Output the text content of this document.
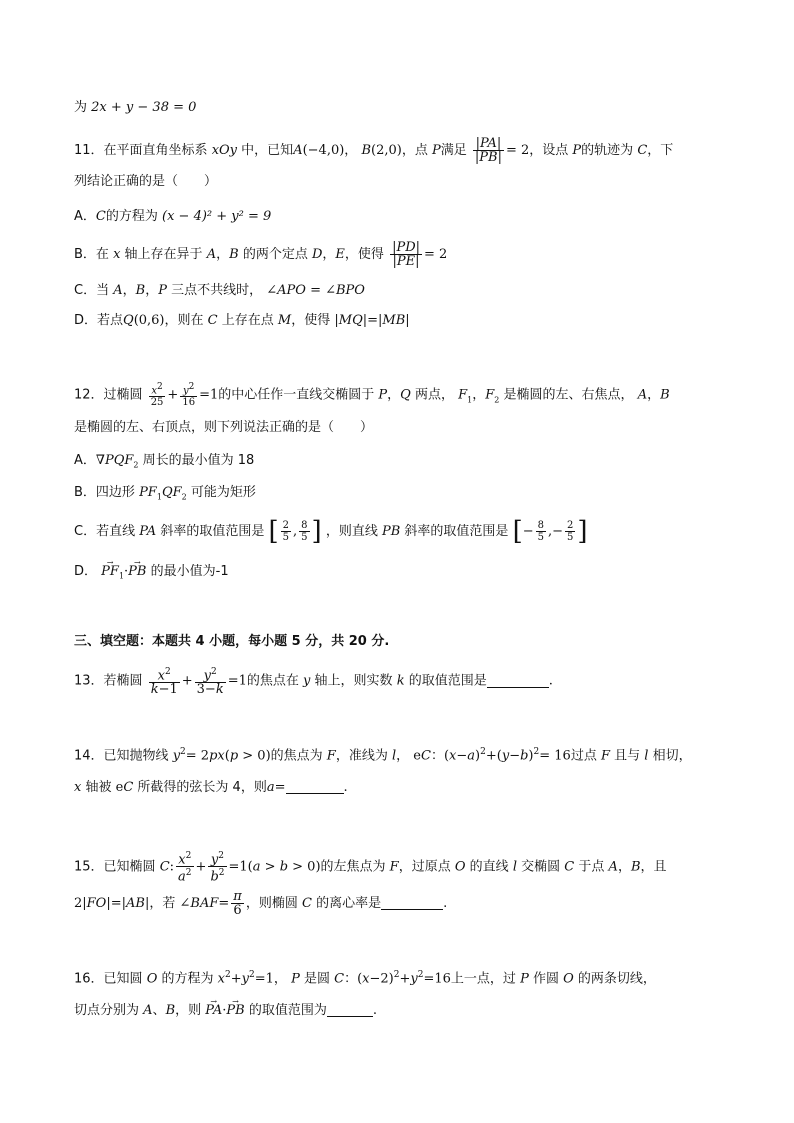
为 2x + y − 38 = 0
11．在平面直角坐标系 xOy 中，已知A(−4,0)， B(2,0)，点 P满足 $\frac{|PA|}{|PB|} = 2$，设点 P的轨迹为 C，下
列结论正确的是（　　）
A．C的方程为 (x − 4)² + y² = 9
B．在 x 轴上存在异于 A，B 的两个定点 D，E，使得 $\frac{|PD|}{|PE|} = 2$
C．当 A，B，P 三点不共线时， ∠APO = ∠BPO
D．若点Q(0,6)，则在 C 上存在点 M，使得 |MQ|=|MB|
12．过椭圆 $\frac{x^2}{25} + \frac{y^2}{16} =1$的中心任作一直线交椭圆于 P，Q 两点， $F_1$，$F_2$ 是椭圆的左、右焦点， A，B
是椭圆的左、右顶点，则下列说法正确的是（　　）
A．$\nabla PQF_2$ 周长的最小值为 18
B．四边形 $PF_1QF_2$ 可能为矩形
C．若直线 PA 斜率的取值范围是 [ $\frac{2}{5}$ , $\frac{8}{5}$ ] ，则直线 PB 斜率的取值范围是 [− $\frac{8}{5}$ ,− $\frac{2}{5}$ ]
D． → $PF_1\cdot\to$ PB 的最小值为-1
三、填空题：本题共 4 小题，每小题 5 分，共 20 分.
13．若椭圆 $\frac{x^2}{k-1} + \frac{y^2}{3-k} =1$的焦点在 y 轴上，则实数 k 的取值范围是	.
14．已知抛物线 $y^2= 2px(p > 0)$的焦点为 F，准线为 l， eC：$(x-a)^2+(y-b)^2= 16$过点 F 且与 l 相切，
x 轴被 eC 所截得的弦长为 4，则a=	.
15．已知椭圆 C: $\frac{x^2}{a^2} + \frac{y^2}{b^2} =1(a > b > 0)$的左焦点为 F，过原点 O 的直线 l 交椭圆 C 于点 A，B，且
2|FO|=|AB|，若 ∠BAF= $\frac{\pi}{6}$ ，则椭圆 C 的离心率是	.
16．已知圆 O 的方程为 $x^2+y^2=1$， P 是圆 C：$(x-2)^2+y^2=16$上一点，过 P 作圆 O 的两条切线，
切点分别为 A、B，则 → PA·→ PB 的取值范围为	.
